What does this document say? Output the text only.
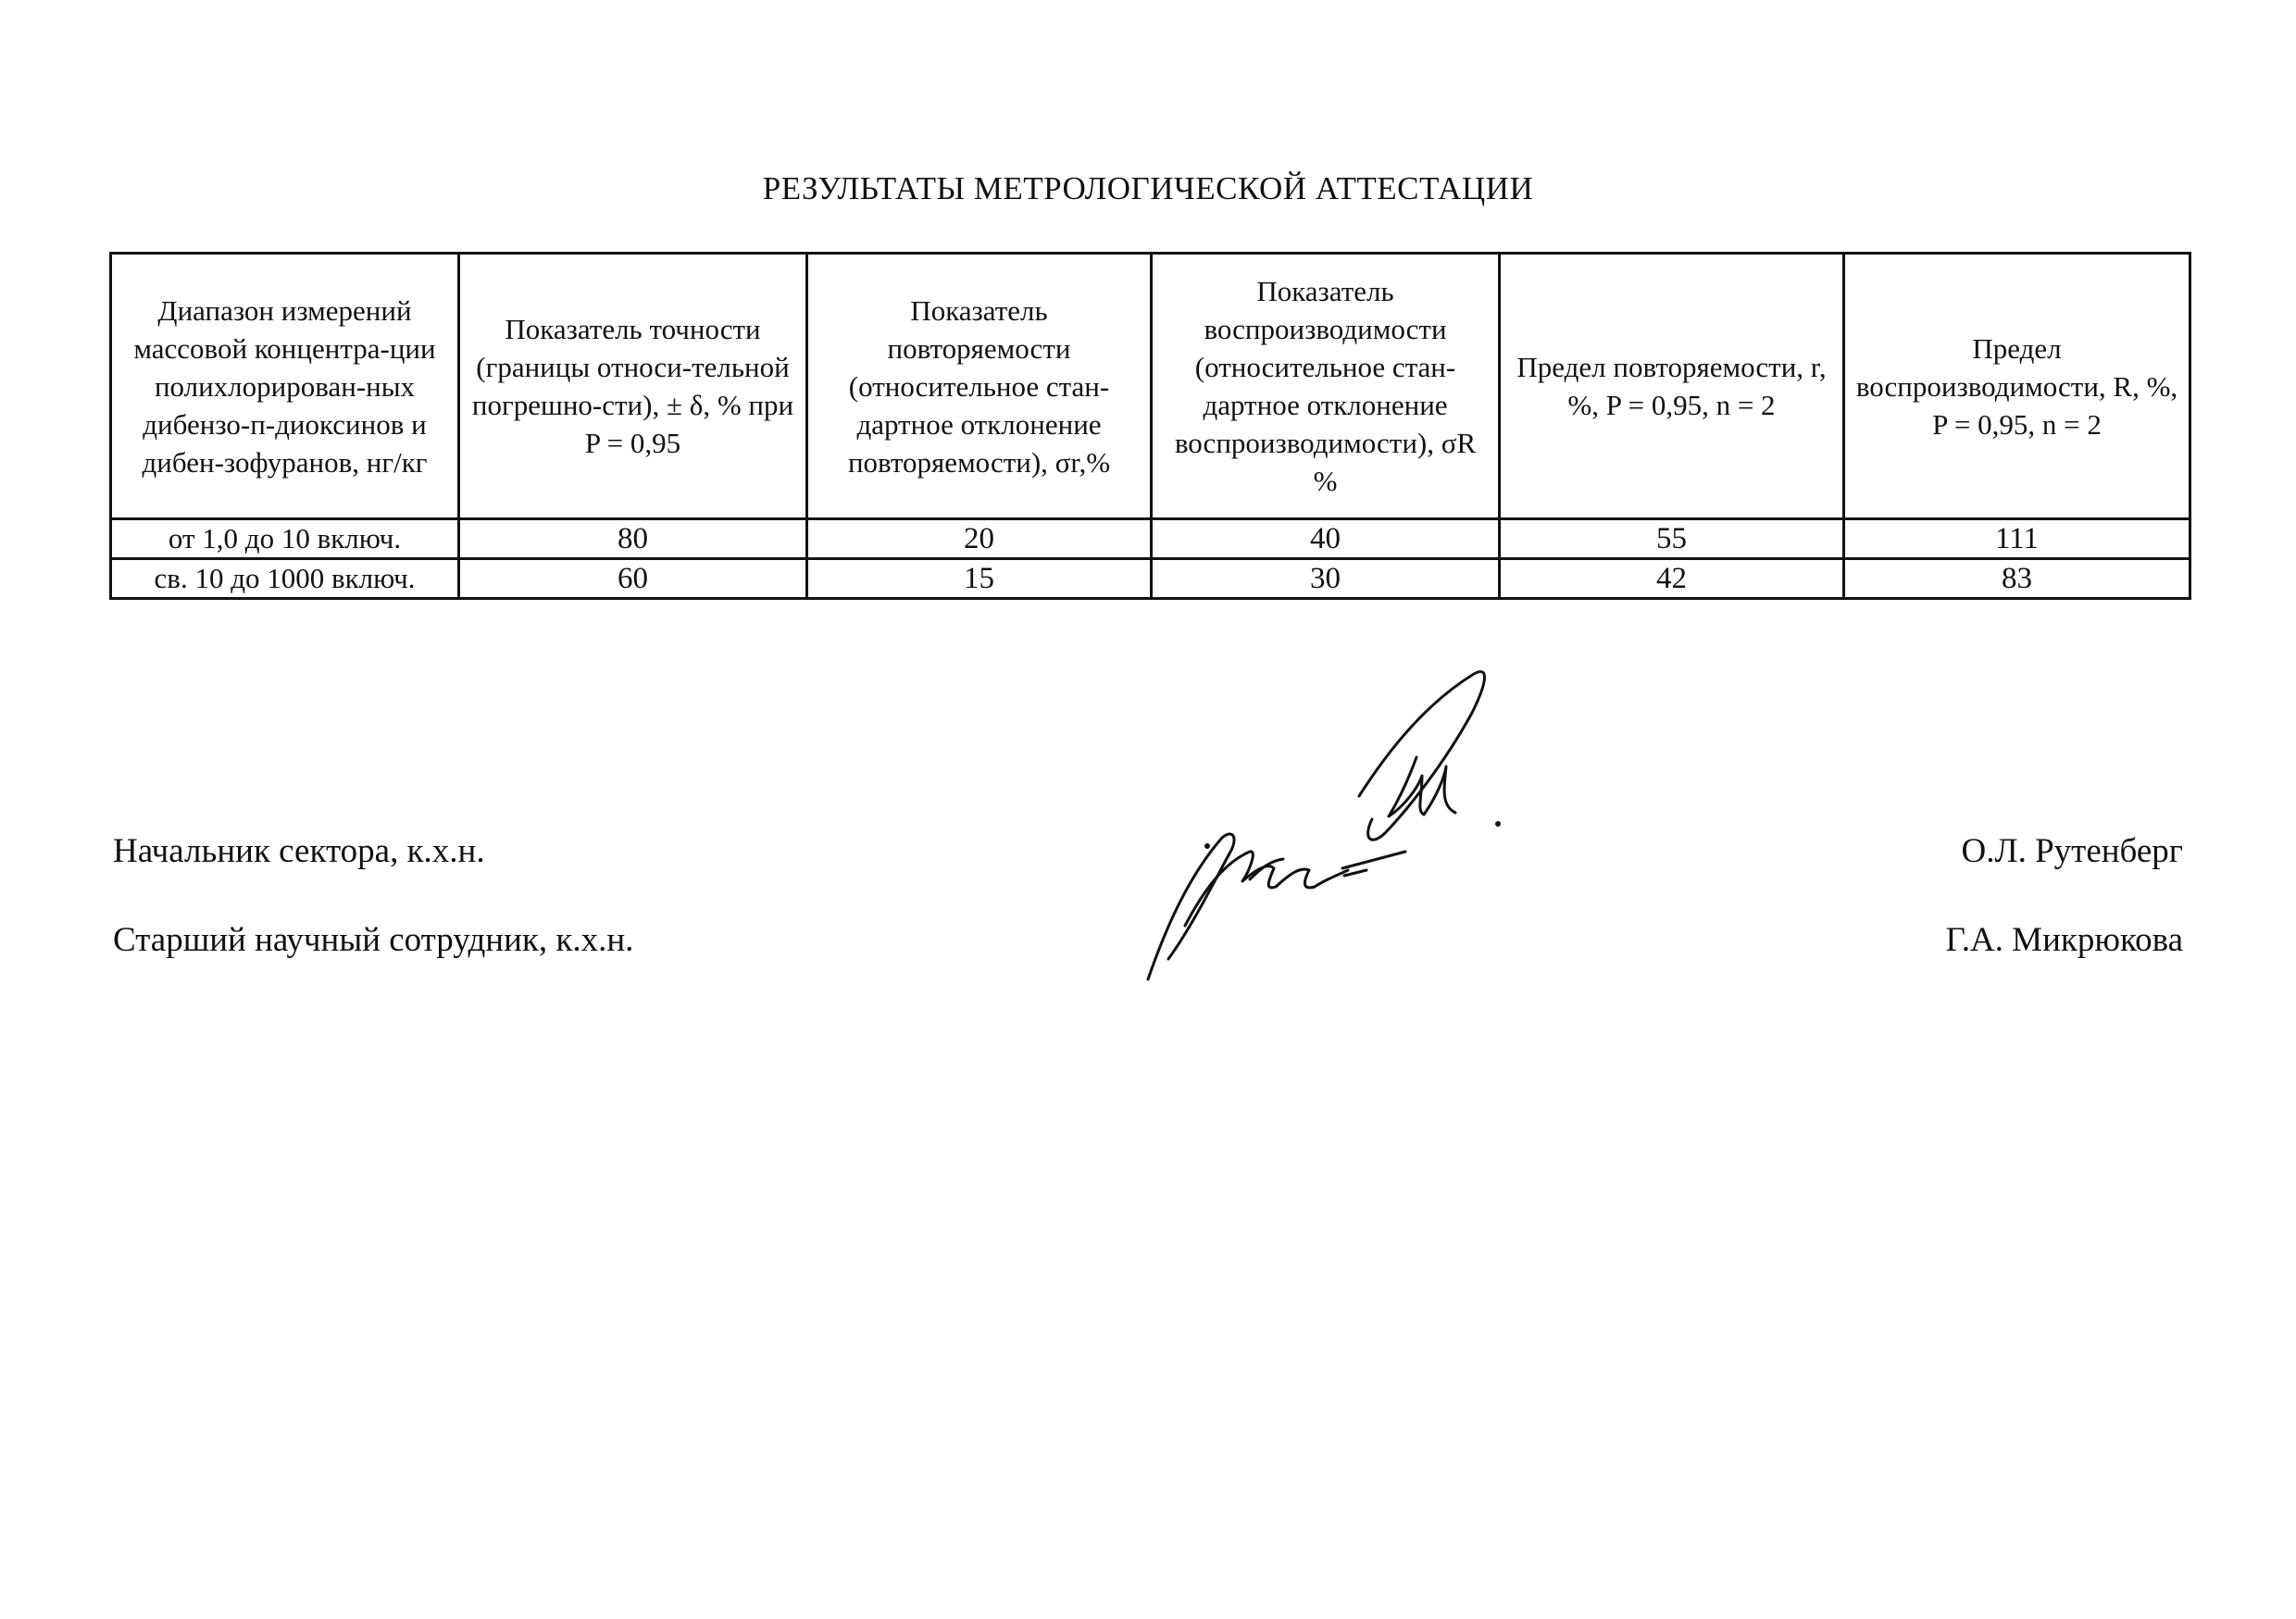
РЕЗУЛЬТАТЫ МЕТРОЛОГИЧЕСКОЙ АТТЕСТАЦИИ
Диапазон измерений массовой концентра-ции полихлорирован-ных дибензо-п-диоксинов и дибен-зофуранов, нг/кг	Показатель точности (границы относи-тельной погрешно-сти), ± δ, % при P = 0,95	Показатель повторяемости (относительное стан-дартное отклонение повторяемости), σr,%	Показатель воспроизводимости (относительное стан-дартное отклонение воспроизводимости), σR %	Предел повторяемости, r, %, P = 0,95, n = 2	Предел воспроизводимости, R, %, P = 0,95, n = 2
от 1,0 до 10 включ.	80	20	40	55	111
св. 10 до 1000 включ.	60	15	30	42	83
Начальник сектора, к.х.н.	О.Л. Рутенберг
Старший научный сотрудник, к.х.н.	Г.А. Микрюкова
